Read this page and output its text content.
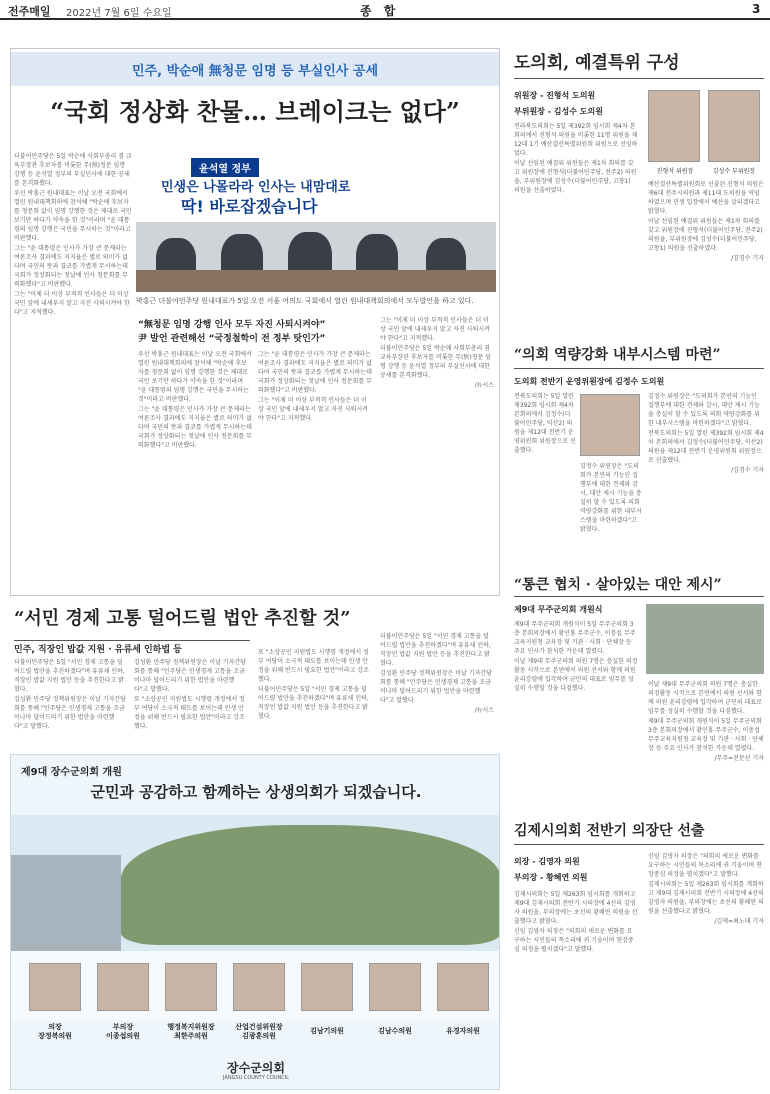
전주매일 2022년 7월 6일 수요일	종 합	3
민주, 박순애 無청문 임명 등 부실인사 공세
“국회 정상화 찬물… 브레이크는 없다”
윤석열 정부
민생은 나몰라라 인사는 내맘대로
딱! 바로잡겠습니다
박홍근 더불어민주당 원내대표가 5일 오전 서울 여의도 국회에서 열린 원내대책회의에서 모두발언을 하고 있다.

더불어민주당은 5일 박순애 사회부총리 겸 교육부장관 후보자를 비롯한 무(無)청문 임명 강행 등 윤석열 정부의 부실인사에 대한 공세를 본격화했다.

우선 박홍근 원내대표는 이날 오전 국회에서 열린 원내대책회의에 참석해 "박순애 후보자를 청문회 없이 임명 강행한 것은 제대로 국민 보기만 하다가 약속을 한 것"이라며 "윤 대통령의 임명 강행은 국민을 무시하는 것"이라고 비판했다.

그는 "윤 대통령은 인사가 가장 큰 문제라는 여론조사 결과에도 지지율은 별로 의미가 없다며 국민의 뜻과 결코를 가볍게 무시하는데 국회가 정상화되는 첫날에 인사 청문회를 무력화했다"고 비판했다.

그는 "이제 더 이상 부적격 인사들은 더 이상 국민 앞에 내세우지 말고 자진 사퇴시켜야 한다"고 지적했다.

“無청문 임명 강행 인사 모두 자진 사퇴시켜야”
尹 발언 관련해선 “국정철학이 전 정부 탓인가”

우선 박홍근 원내대표는 이날 오전 국회에서 열린 원내대책회의에 참석해 "박순애 후보자를 청문회 없이 임명 강행한 것은 제대로 국민 보기만 하다가 약속을 한 것"이라며 "윤 대통령의 임명 강행은 국민을 무시하는 것"이라고 비판했다.

그는 "윤 대통령은 인사가 가장 큰 문제라는 여론조사 결과에도 지지율은 별로 의미가 없다며 국민의 뜻과 결코를 가볍게 무시하는데 국회가 정상화되는 첫날에 인사 청문회를 무력화했다"고 비판했다.

그는 "윤 대통령은 인사가 가장 큰 문제라는 여론조사 결과에도 지지율은 별로 의미가 없다며 국민의 뜻과 결코를 가볍게 무시하는데 국회가 정상화되는 첫날에 인사 청문회를 무력화했다"고 비판했다.

그는 "이제 더 이상 부적격 인사들은 더 이상 국민 앞에 내세우지 말고 자진 사퇴시켜야 한다"고 지적했다.

그는 "이제 더 이상 부적격 인사들은 더 이상 국민 앞에 내세우지 말고 자진 사퇴시켜야 한다"고 지적했다.

더불어민주당은 5일 박순애 사회부총리 겸 교육부장관 후보자를 비롯한 무(無)청문 임명 강행 등 윤석열 정부의 부실인사에 대한 공세를 본격화했다.

/뉴시스

“서민 경제 고통 덜어드릴 법안 추진할 것”
민주, 직장인 밥값 지원 · 유류세 인하법 등

더불어민주당은 5일 "서민 경제 고통을 덜어드릴 법안을 추진하겠다"며 유류세 인하, 직장인 밥값 지원 법안 등을 추진한다고 밝혔다.

김성환 민주당 정책위원장은 이날 기자간담회를 통해 "민주당은 민생경제 고통을 조금이나마 덜어드리기 위한 법안을 마련했다"고 말했다.

김성환 민주당 정책위원장은 이날 기자간담회를 통해 "민주당은 민생경제 고통을 조금이나마 덜어드리기 위한 법안을 마련했다"고 말했다.

또 "소상공인 지원법도 시행령 개정에서 정부 여당이 소극적 태도를 보이는데 민생 안정을 위해 반드시 필요한 법안"이라고 강조했다.

또 "소상공인 지원법도 시행령 개정에서 정부 여당이 소극적 태도를 보이는데 민생 안정을 위해 반드시 필요한 법안"이라고 강조했다.

더불어민주당은 5일 "서민 경제 고통을 덜어드릴 법안을 추진하겠다"며 유류세 인하, 직장인 밥값 지원 법안 등을 추진한다고 밝혔다.

더불어민주당은 5일 "서민 경제 고통을 덜어드릴 법안을 추진하겠다"며 유류세 인하, 직장인 밥값 지원 법안 등을 추진한다고 밝혔다.

김성환 민주당 정책위원장은 이날 기자간담회를 통해 "민주당은 민생경제 고통을 조금이나마 덜어드리기 위한 법안을 마련했다"고 말했다.

/뉴시스

제9대 장수군의회 개원
군민과 공감하고 함께하는 상생의회가 되겠습니다.
의장
장정복의원
부의장
이종섭의원
행정복지위원장
최한주의원
산업건설위원장
김광훈의원
김남기의원	김남수의원	유경자의원
장수군의회
JANGSU COUNTY COUNCIL
도의회, 예결특위 구성
위원장 - 진형석 도의원
부위원장 - 김성수 도의원

전라북도의회는 5일 제392회 임시회 제4차 본회의에서 진형석 의원을 비롯한 11명 위원을 제12대 1기 예산결산특별위원회 위원으로 선임하였다.

이날 선임된 예결위 위원들은 제1차 회의를 갖고 위원장에 진형석(더불어민주당, 전주2) 의원을, 부위원장에 김성수(더불어민주당, 고창1) 의원을 선출하였다.

진형석 위원장	김성수 부위원장

예산결산특별위원회로 선출된 진형석 의원은 제6대 전주시의원과 제11대 도의원을 역임하였으며 민생 입장에서 예산을 살피겠다고 밝혔다.

이날 선임된 예결위 위원들은 제1차 회의를 갖고 위원장에 진형석(더불어민주당, 전주2) 의원을, 부위원장에 김성수(더불어민주당, 고창1) 의원을 선출하였다.

/김경수 기자

“의회 역량강화 내부시스템 마련”
도의회 전반기 운영위원장에 김정수 도의원

전북도의회는 5일 열린 제392회 임시회 제4차 본회의에서 김정수(더불어민주당, 익산2) 의원을 제12대 전반기 운영위원회 위원장으로 선출했다.

김정수 위원장은 "도의회가 본연의 기능인 집행부에 대한 견제와 감시, 대안 제시 기능을 충실히 할 수 있도록 의회 역량강화를 위한 내부시스템을 마련하겠다"고 밝혔다.

김정수 위원장은 "도의회가 본연의 기능인 집행부에 대한 견제와 감시, 대안 제시 기능을 충실히 할 수 있도록 의회 역량강화를 위한 내부시스템을 마련하겠다"고 밝혔다.

전북도의회는 5일 열린 제392회 임시회 제4차 본회의에서 김정수(더불어민주당, 익산2) 의원을 제12대 전반기 운영위원회 위원장으로 선출했다.

/김경수 기자

“통큰 협치 · 살아있는 대안 제시”
제9대 무주군의회 개원식

제9대 무주군의회 개원식이 5일 무주군의회 3층 본회의장에서 황인홍 무주군수, 이충섭 무주교육지원청 교육장 및 기관 · 사회 · 단체장 등 주요 인사가 참석한 가운데 열렸다.

이날 제9대 무주군의회 의원 7명은 충실한 의정활동 시작으로 본연에서 의원 선서와 함께 의원 윤리강령에 입각하여 군민의 대표로 임무를 성실히 수행할 것을 다짐했다.

이날 제9대 무주군의회 의원 7명은 충실한 의정활동 시작으로 본연에서 의원 선서와 함께 의원 윤리강령에 입각하여 군민의 대표로 임무를 성실히 수행할 것을 다짐했다.

제9대 무주군의회 개원식이 5일 무주군의회 3층 본회의장에서 황인홍 무주군수, 이충섭 무주교육지원청 교육장 및 기관 · 사회 · 단체장 등 주요 인사가 참석한 가운데 열렸다.

/무주=전문선 기자

김제시의회 전반기 의장단 선출
의장 - 김영자 의원
부의장 - 황혜연 의원

김제시의회는 5일 제263회 임시회를 개회하고 제9대 김제시의회 전반기 시의장에 4선의 김영자 의원을, 부의장에는 초선의 황혜연 의원을 선출했다고 밝혔다.

신임 김영자 의장은 "의회의 새로운 변화를 요구하는 시민들의 목소리에 귀 기울이며 현장중심 의정을 펼치겠다"고 말했다.

신임 김영자 의장은 "의회의 새로운 변화를 요구하는 시민들의 목소리에 귀 기울이며 현장중심 의정을 펼치겠다"고 말했다.

김제시의회는 5일 제263회 임시회를 개회하고 제9대 김제시의회 전반기 시의장에 4선의 김영자 의원을, 부의장에는 초선의 황혜연 의원을 선출했다고 밝혔다.

/김제=최노대 기자
